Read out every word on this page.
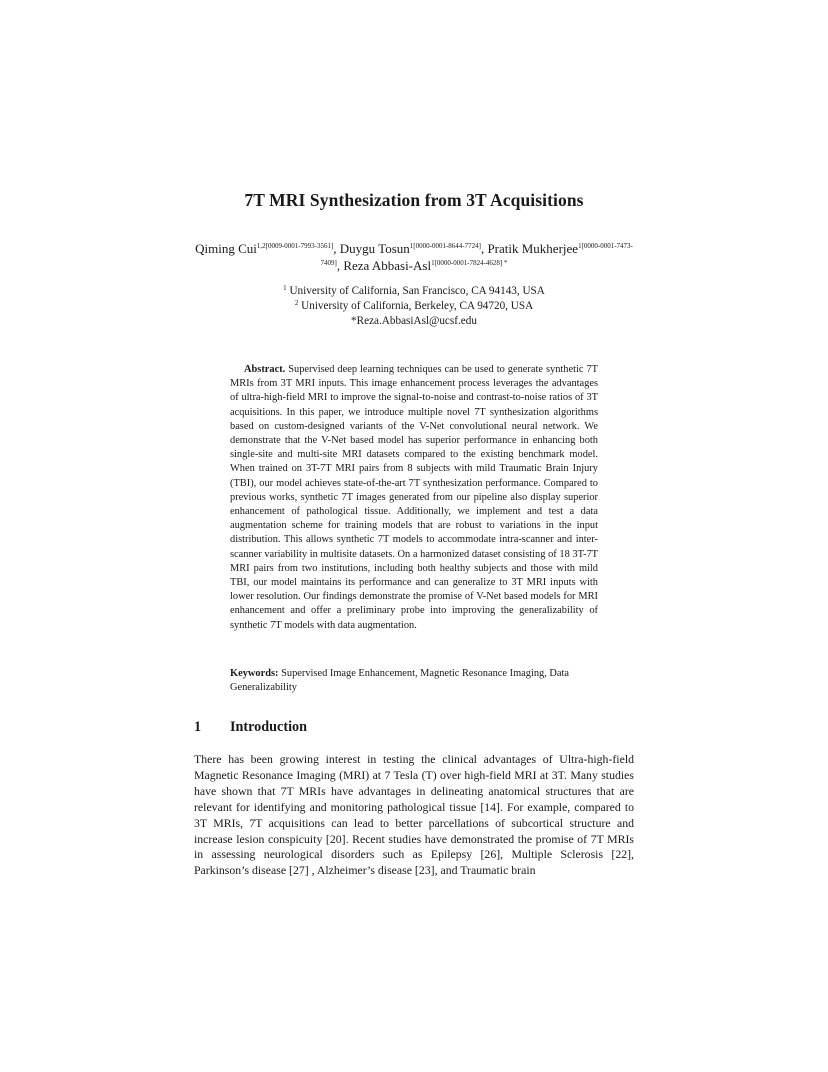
7T MRI Synthesization from 3T Acquisitions
Qiming Cui$^{1,2[0009-0001-7993-3561]}$, Duygu Tosun$^{1[0000-0001-8644-7724]}$, Pratik Mukherjee$^{1[0000-0001-7473-7409]}$, Reza Abbasi-Asl$^{1[0000-0001-7824-4628] *}$
$^1$ University of California, San Francisco, CA 94143, USA
$^2$ University of California, Berkeley, CA 94720, USA
*Reza.AbbasiAsl@ucsf.edu
Abstract. Supervised deep learning techniques can be used to generate synthetic 7T MRIs from 3T MRI inputs. This image enhancement process leverages the advantages of ultra-high-field MRI to improve the signal-to-noise and contrast-to-noise ratios of 3T acquisitions. In this paper, we introduce multiple novel 7T synthesization algorithms based on custom-designed variants of the V-Net convolutional neural network. We demonstrate that the V-Net based model has superior performance in enhancing both single-site and multi-site MRI datasets compared to the existing benchmark model. When trained on 3T-7T MRI pairs from 8 subjects with mild Traumatic Brain Injury (TBI), our model achieves state-of-the-art 7T synthesization performance. Compared to previous works, synthetic 7T images generated from our pipeline also display superior enhancement of pathological tissue. Additionally, we implement and test a data augmentation scheme for training models that are robust to variations in the input distribution. This allows synthetic 7T models to accommodate intra-scanner and inter-scanner variability in multisite datasets. On a harmonized dataset consisting of 18 3T-7T MRI pairs from two institutions, including both healthy subjects and those with mild TBI, our model maintains its performance and can generalize to 3T MRI inputs with lower resolution. Our findings demonstrate the promise of V-Net based models for MRI enhancement and offer a preliminary probe into improving the generalizability of synthetic 7T models with data augmentation.
Keywords: Supervised Image Enhancement, Magnetic Resonance Imaging, Data Generalizability
1 Introduction
There has been growing interest in testing the clinical advantages of Ultra-high-field Magnetic Resonance Imaging (MRI) at 7 Tesla (T) over high-field MRI at 3T. Many studies have shown that 7T MRIs have advantages in delineating anatomical structures that are relevant for identifying and monitoring pathological tissue [14]. For example, compared to 3T MRIs, 7T acquisitions can lead to better parcellations of subcortical structure and increase lesion conspicuity [20]. Recent studies have demonstrated the promise of 7T MRIs in assessing neurological disorders such as Epilepsy [26], Multiple Sclerosis [22], Parkinson’s disease [27] , Alzheimer’s disease [23], and Traumatic brain
